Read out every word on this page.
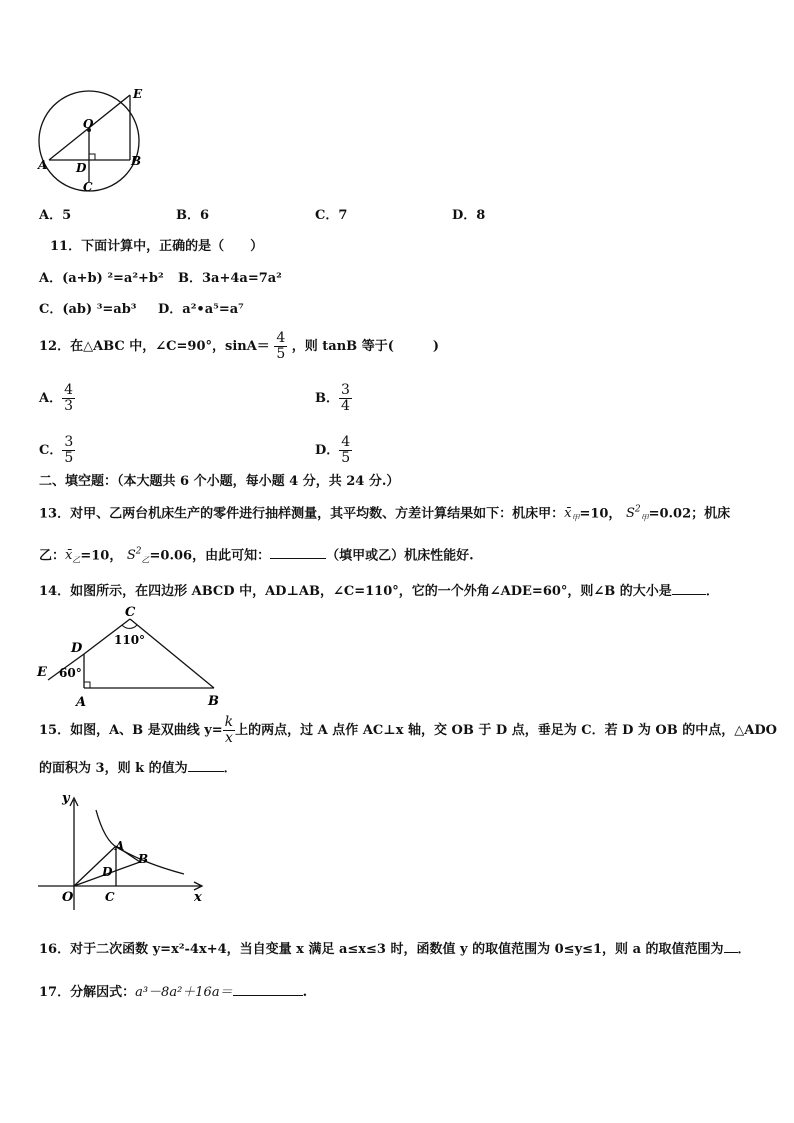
O
E
B
A D
C
A．5	B．6	C．7	D．8
11．下面计算中，正确的是（　　）
A．(a+b) ²=a²+b² B．3a+4a=7a²
C．(ab) ³=ab³ D．a²•a⁵=a⁷
12．在△ABC 中，∠C=90°，$\sin A= \frac{4}{5}$ ，则 tanB 等于(　　　)
A． $\frac{4}{3}$	B． $\frac{3}{4}$
C． $\frac{3}{5}$	D． $\frac{4}{5}$
二、填空题：（本大题共 6 个小题，每小题 4 分，共 24 分.）
13．对甲、乙两台机床生产的零件进行抽样测量，其平均数、方差计算结果如下：机床甲：$x̄_甲=10$， $S^2_甲=0.02$；机床
乙：$x̄_乙=10$， $S^2_乙=0.06$，由此可知：	（填甲或乙）机床性能好.
14．如图所示，在四边形 ABCD 中，AD⊥AB，∠C=110°，它的一个外角∠ADE=60°，则∠B 的大小是	．
C
110°
D
60°
E
A	B
15．如图，A、B 是双曲线 $y= \frac{k}{x}$ 上的两点，过 A 点作 AC⊥x 轴，交 OB 于 D 点，垂足为 C．若 D 为 OB 的中点，△ADO
的面积为 3，则 k 的值为	．
y
x
O
A
B
D
C
16．对于二次函数 y=x²-4x+4，当自变量 x 满足 a≤x≤3 时，函数值 y 的取值范围为 0≤y≤1，则 a 的取值范围为 ．
17．分解因式：a³－8a²＋16a＝	.
